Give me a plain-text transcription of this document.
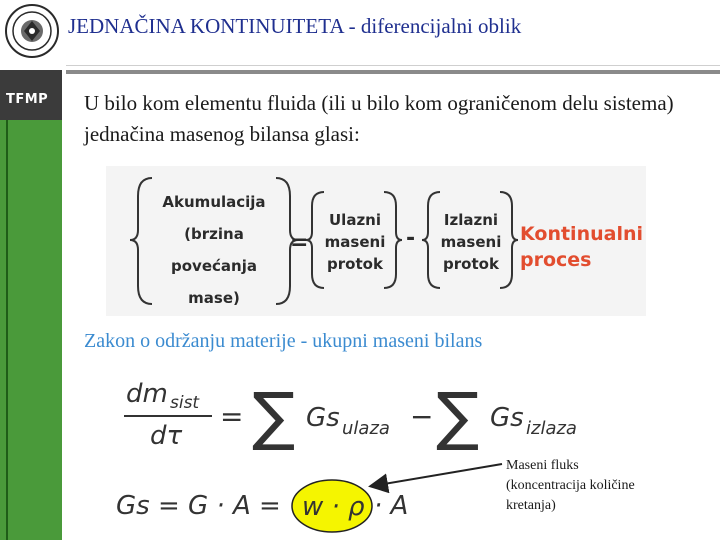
TFMP
JEDNAČINA KONTINUITETA - diferencijalni oblik
U bilo kom elementu fluida (ili u bilo kom ograničenom delu sistema) jednačina masenog bilansa glasi:
Akumulacija
(brzina
povećanja
mase)
=
Ulazni
maseni
protok
-
Izlazni
maseni
protok
Kontinualni
proces
Zakon o održanju materije - ukupni maseni bilans
dm sist
dτ
= ∑ Gs ulaza − ∑ Gs izlaza
Gs = G · A = w · ρ · A
Maseni fluks
(koncentracija količine
kretanja)
